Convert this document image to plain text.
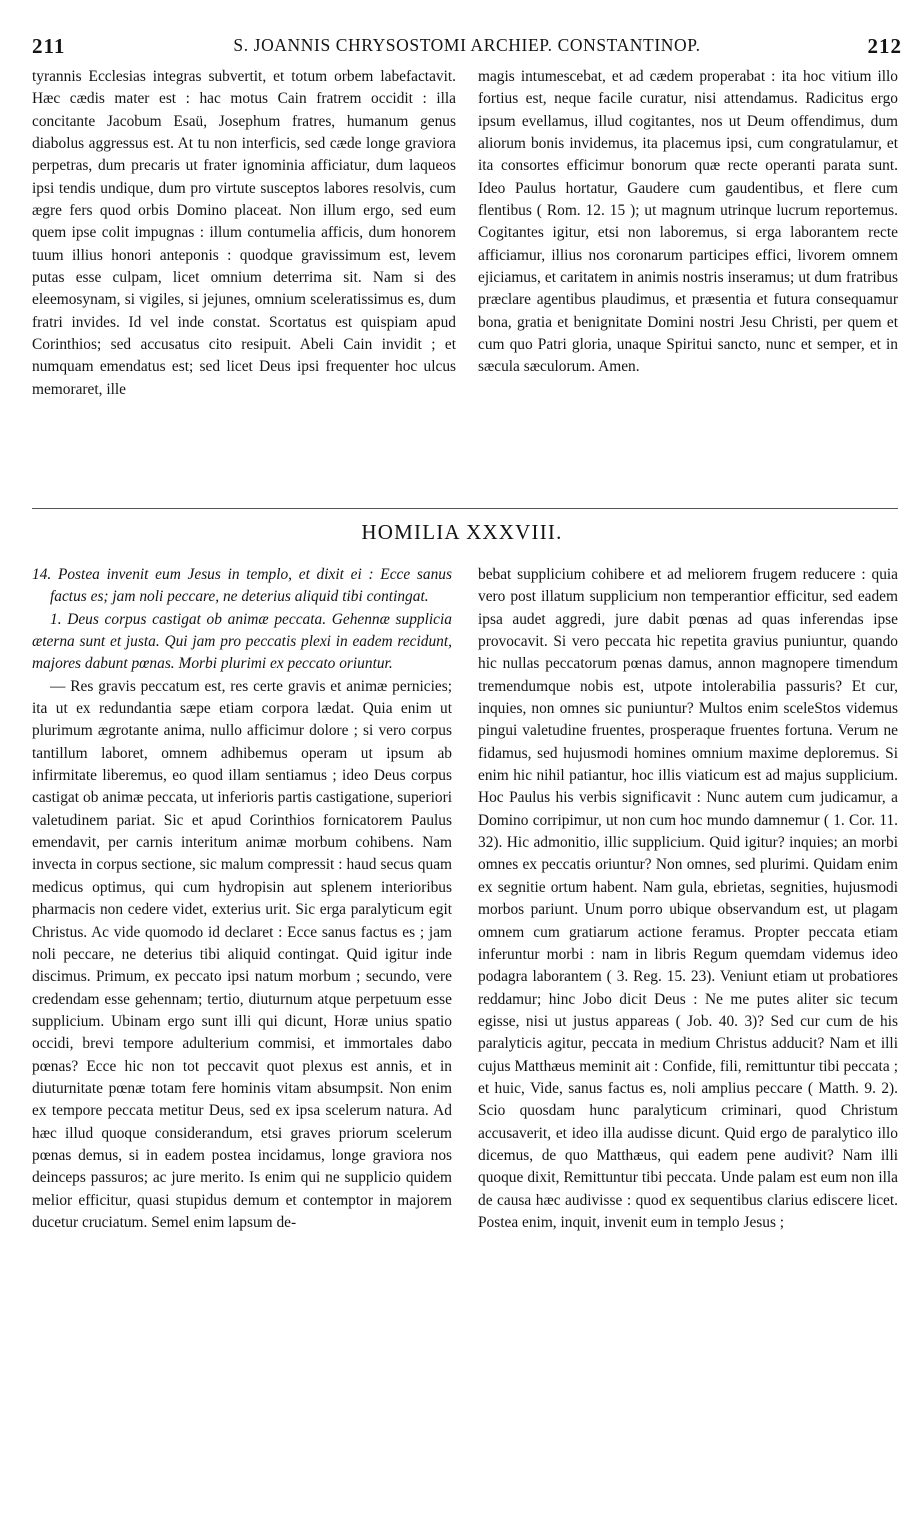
211	S. JOANNIS CHRYSOSTOMI ARCHIEP. CONSTANTINOP.	212

tyrannis Ecclesias integras subvertit, et totum orbem labefactavit. Hæc cædis mater est : hac motus Cain fratrem occidit : illa concitante Jacobum Esaü, Josephum fratres, humanum genus diabolus aggressus est. At tu non interficis, sed cæde longe graviora perpetras, dum precaris ut frater ignominia afficiatur, dum laqueos ipsi tendis undique, dum pro virtute susceptos labores resolvis, cum ægre fers quod orbis Domino placeat. Non illum ergo, sed eum quem ipse colit impugnas : illum contumelia afficis, dum honorem tuum illius honori anteponis : quodque gravissimum est, levem putas esse culpam, licet omnium deterrima sit. Nam si des eleemosynam, si vigiles, si jejunes, omnium sceleratissimus es, dum fratri invides. Id vel inde constat. Scortatus est quispiam apud Corinthios; sed accusatus cito resipuit. Abeli Cain invidit ; et numquam emendatus est; sed licet Deus ipsi frequenter hoc ulcus memoraret, ille

magis intumescebat, et ad cædem properabat : ita hoc vitium illo fortius est, neque facile curatur, nisi attendamus. Radicitus ergo ipsum evellamus, illud cogitantes, nos ut Deum offendimus, dum aliorum bonis invidemus, ita placemus ipsi, cum congratulamur, et ita consortes efficimur bonorum quæ recte operanti parata sunt. Ideo Paulus hortatur, Gaudere cum gaudentibus, et flere cum flentibus ( Rom. 12. 15 ); ut magnum utrinque lucrum reportemus. Cogitantes igitur, etsi non laboremus, si erga laborantem recte afficiamur, illius nos coronarum participes effici, livorem omnem ejiciamus, et caritatem in animis nostris inseramus; ut dum fratribus præclare agentibus plaudimus, et præsentia et futura consequamur bona, gratia et benignitate Domini nostri Jesu Christi, per quem et cum quo Patri gloria, unaque Spiritui sancto, nunc et semper, et in sæcula sæculorum. Amen.

HOMILIA XXXVIII.

14. Postea invenit eum Jesus in templo, et dixit ei : Ecce sanus factus es; jam noli peccare, ne deterius aliquid tibi contingat.

1. Deus corpus castigat ob animæ peccata. Gehennæ supplicia æterna sunt et justa. Qui jam pro peccatis plexi in eadem recidunt, majores dabunt pœnas. Morbi plurimi ex peccato oriuntur.

— Res gravis peccatum est, res certe gravis et animæ pernicies; ita ut ex redundantia sæpe etiam corpora lædat. Quia enim ut plurimum ægrotante anima, nullo afficimur dolore ; si vero corpus tantillum laboret, omnem adhibemus operam ut ipsum ab infirmitate liberemus, eo quod illam sentiamus ; ideo Deus corpus castigat ob animæ peccata, ut inferioris partis castigatione, superiori valetudinem pariat. Sic et apud Corinthios fornicatorem Paulus emendavit, per carnis interitum animæ morbum cohibens. Nam invecta in corpus sectione, sic malum compressit : haud secus quam medicus optimus, qui cum hydropisin aut splenem interioribus pharmacis non cedere videt, exterius urit. Sic erga paralyticum egit Christus. Ac vide quomodo id declaret : Ecce sanus factus es ; jam noli peccare, ne deterius tibi aliquid contingat. Quid igitur inde discimus. Primum, ex peccato ipsi natum morbum ; secundo, vere credendam esse gehennam; tertio, diuturnum atque perpetuum esse supplicium. Ubinam ergo sunt illi qui dicunt, Horæ unius spatio occidi, brevi tempore adulterium commisi, et immortales dabo pœnas? Ecce hic non tot peccavit quot plexus est annis, et in diuturnitate pœnæ totam fere hominis vitam absumpsit. Non enim ex tempore peccata metitur Deus, sed ex ipsa scelerum natura. Ad hæc illud quoque considerandum, etsi graves priorum scelerum pœnas demus, si in eadem postea incidamus, longe graviora nos deinceps passuros; ac jure merito. Is enim qui ne supplicio quidem melior efficitur, quasi stupidus demum et contemptor in majorem ducetur cruciatum. Semel enim lapsum de-

bebat supplicium cohibere et ad meliorem frugem reducere : quia vero post illatum supplicium non temperantior efficitur, sed eadem ipsa audet aggredi, jure dabit pœnas ad quas inferendas ipse provocavit. Si vero peccata hic repetita gravius puniuntur, quando hic nullas peccatorum pœnas damus, annon magnopere timendum tremendumque nobis est, utpote intolerabilia passuris? Et cur, inquies, non omnes sic puniuntur? Multos enim sceleStos videmus pingui valetudine fruentes, prosperaque fruentes fortuna. Verum ne fidamus, sed hujusmodi homines omnium maxime deploremus. Si enim hic nihil patiantur, hoc illis viaticum est ad majus supplicium. Hoc Paulus his verbis significavit : Nunc autem cum judicamur, a Domino corripimur, ut non cum hoc mundo damnemur ( 1. Cor. 11. 32). Hic admonitio, illic supplicium. Quid igitur? inquies; an morbi omnes ex peccatis oriuntur? Non omnes, sed plurimi. Quidam enim ex segnitie ortum habent. Nam gula, ebrietas, segnities, hujusmodi morbos pariunt. Unum porro ubique observandum est, ut plagam omnem cum gratiarum actione feramus. Propter peccata etiam inferuntur morbi : nam in libris Regum quemdam videmus ideo podagra laborantem ( 3. Reg. 15. 23). Veniunt etiam ut probatiores reddamur; hinc Jobo dicit Deus : Ne me putes aliter sic tecum egisse, nisi ut justus appareas ( Job. 40. 3)? Sed cur cum de his paralyticis agitur, peccata in medium Christus adducit? Nam et illi cujus Matthæus meminit ait : Confide, fili, remittuntur tibi peccata ; et huic, Vide, sanus factus es, noli amplius peccare ( Matth. 9. 2). Scio quosdam hunc paralyticum criminari, quod Christum accusaverit, et ideo illa audisse dicunt. Quid ergo de paralytico illo dicemus, de quo Matthæus, qui eadem pene audivit? Nam illi quoque dixit, Remittuntur tibi peccata. Unde palam est eum non illa de causa hæc audivisse : quod ex sequentibus clarius ediscere licet. Postea enim, inquit, invenit eum in templo Jesus ;
